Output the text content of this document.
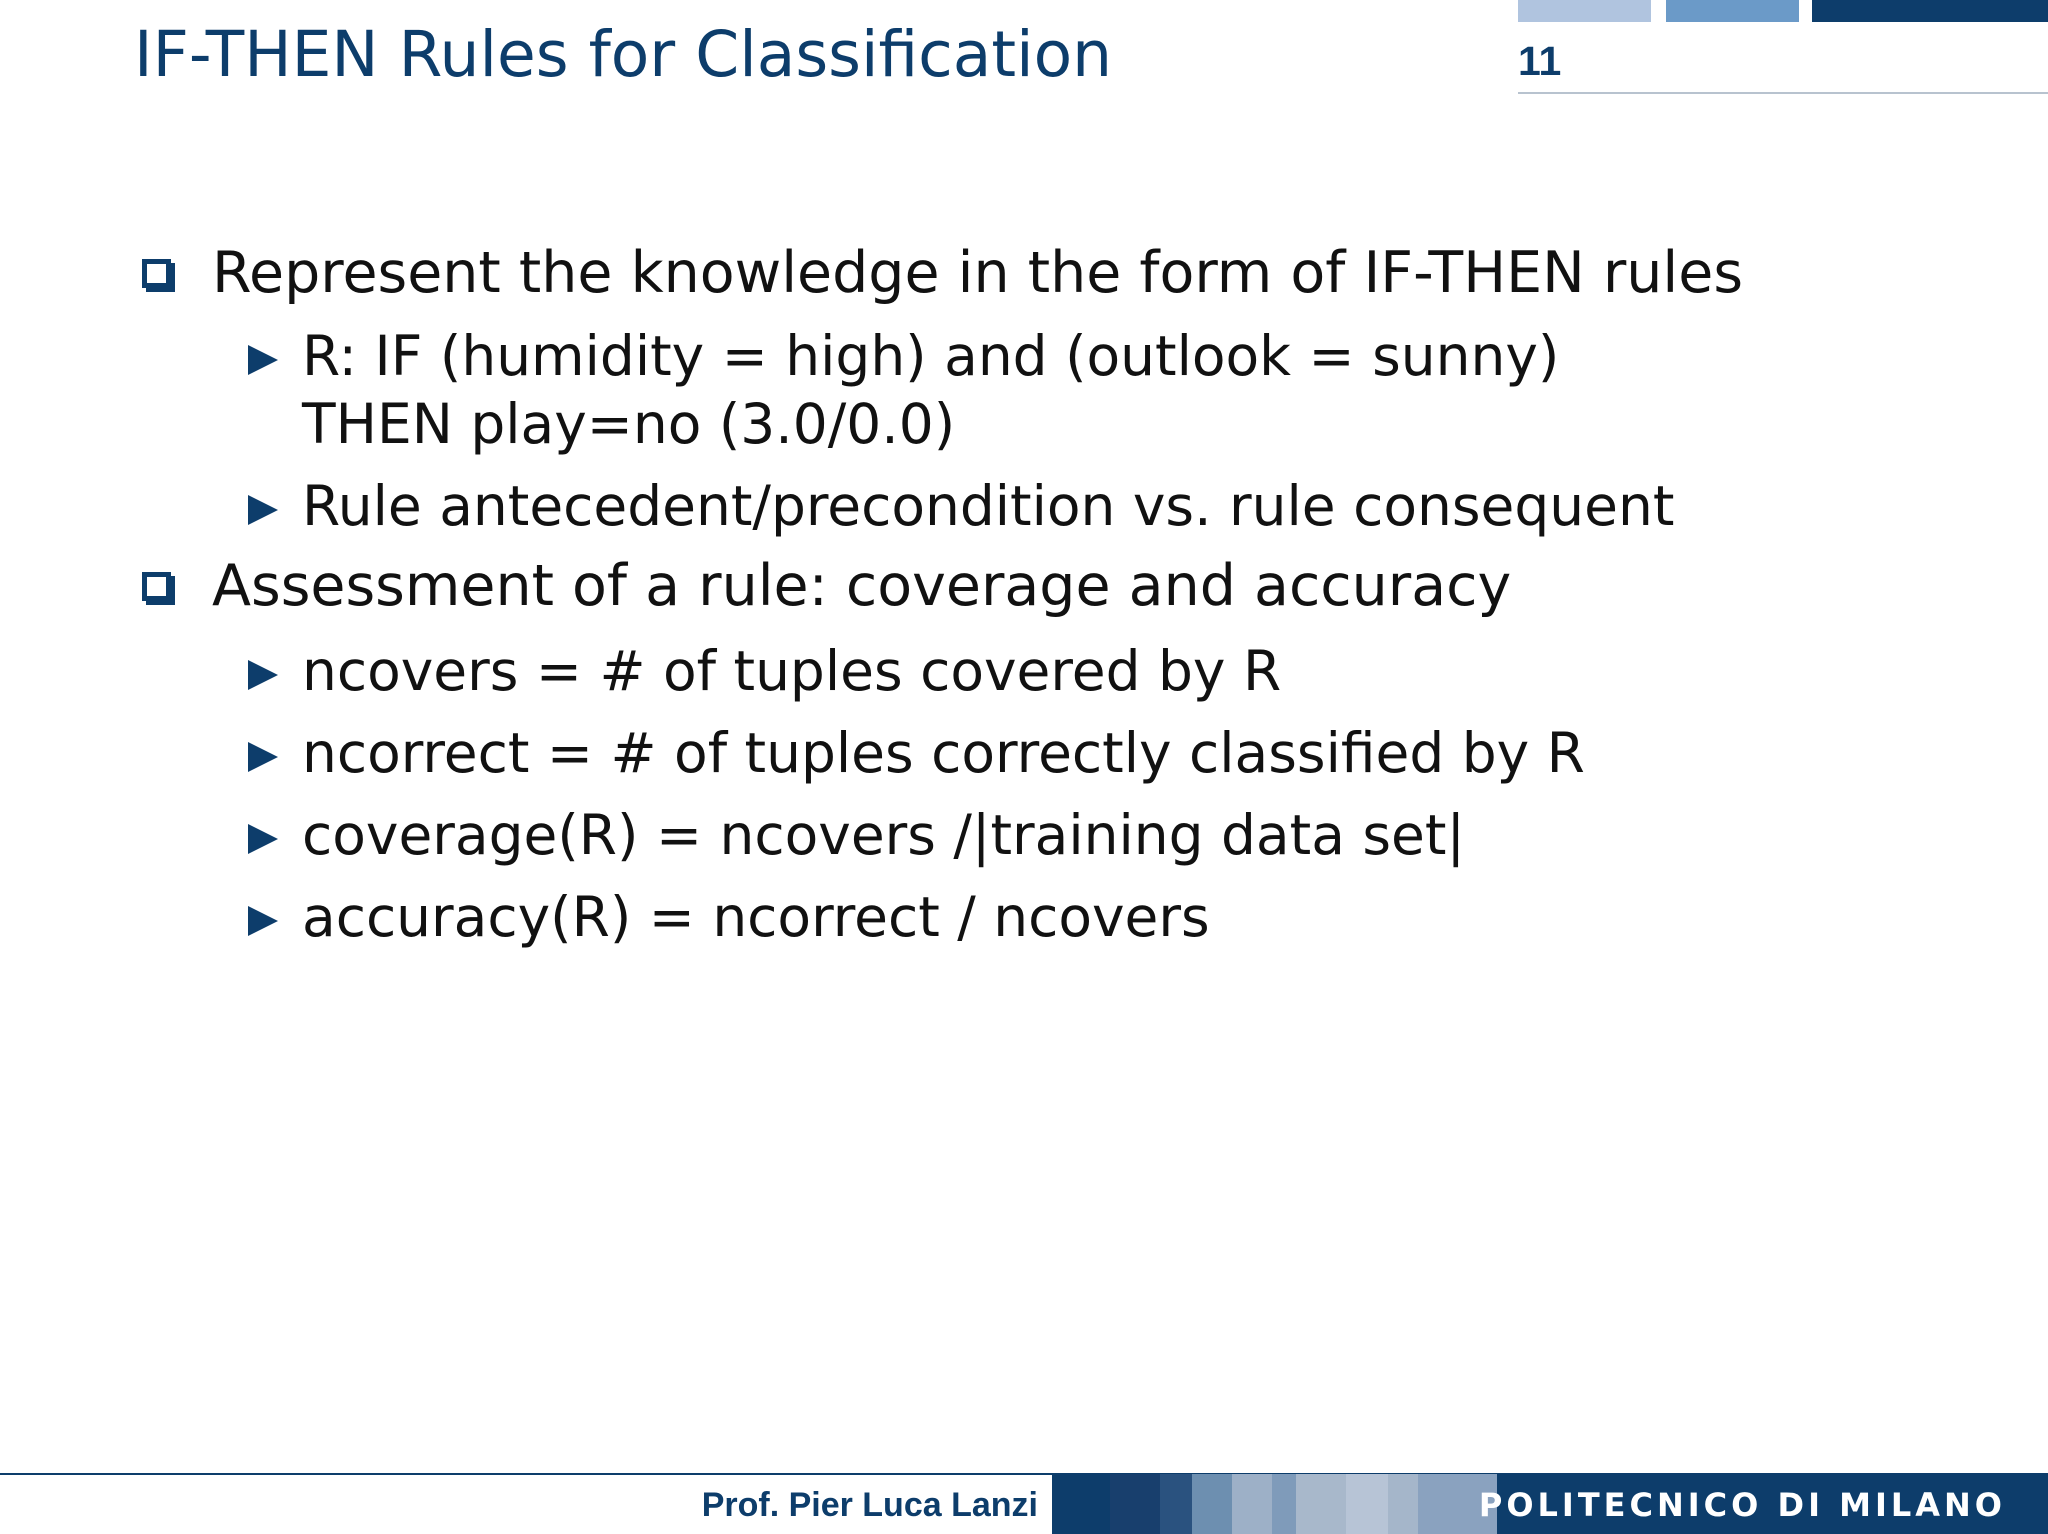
IF-THEN Rules for Classification	11
Represent the knowledge in the form of IF-THEN rules
R: IF (humidity = high) and (outlook = sunny)
THEN play=no (3.0/0.0)
Rule antecedent/precondition vs. rule consequent
Assessment of a rule: coverage and accuracy
ncovers = # of tuples covered by R
ncorrect = # of tuples correctly classified by R
coverage(R) = ncovers /|training data set|
accuracy(R) = ncorrect / ncovers
Prof. Pier Luca Lanzi	POLITECNICO DI MILANO
